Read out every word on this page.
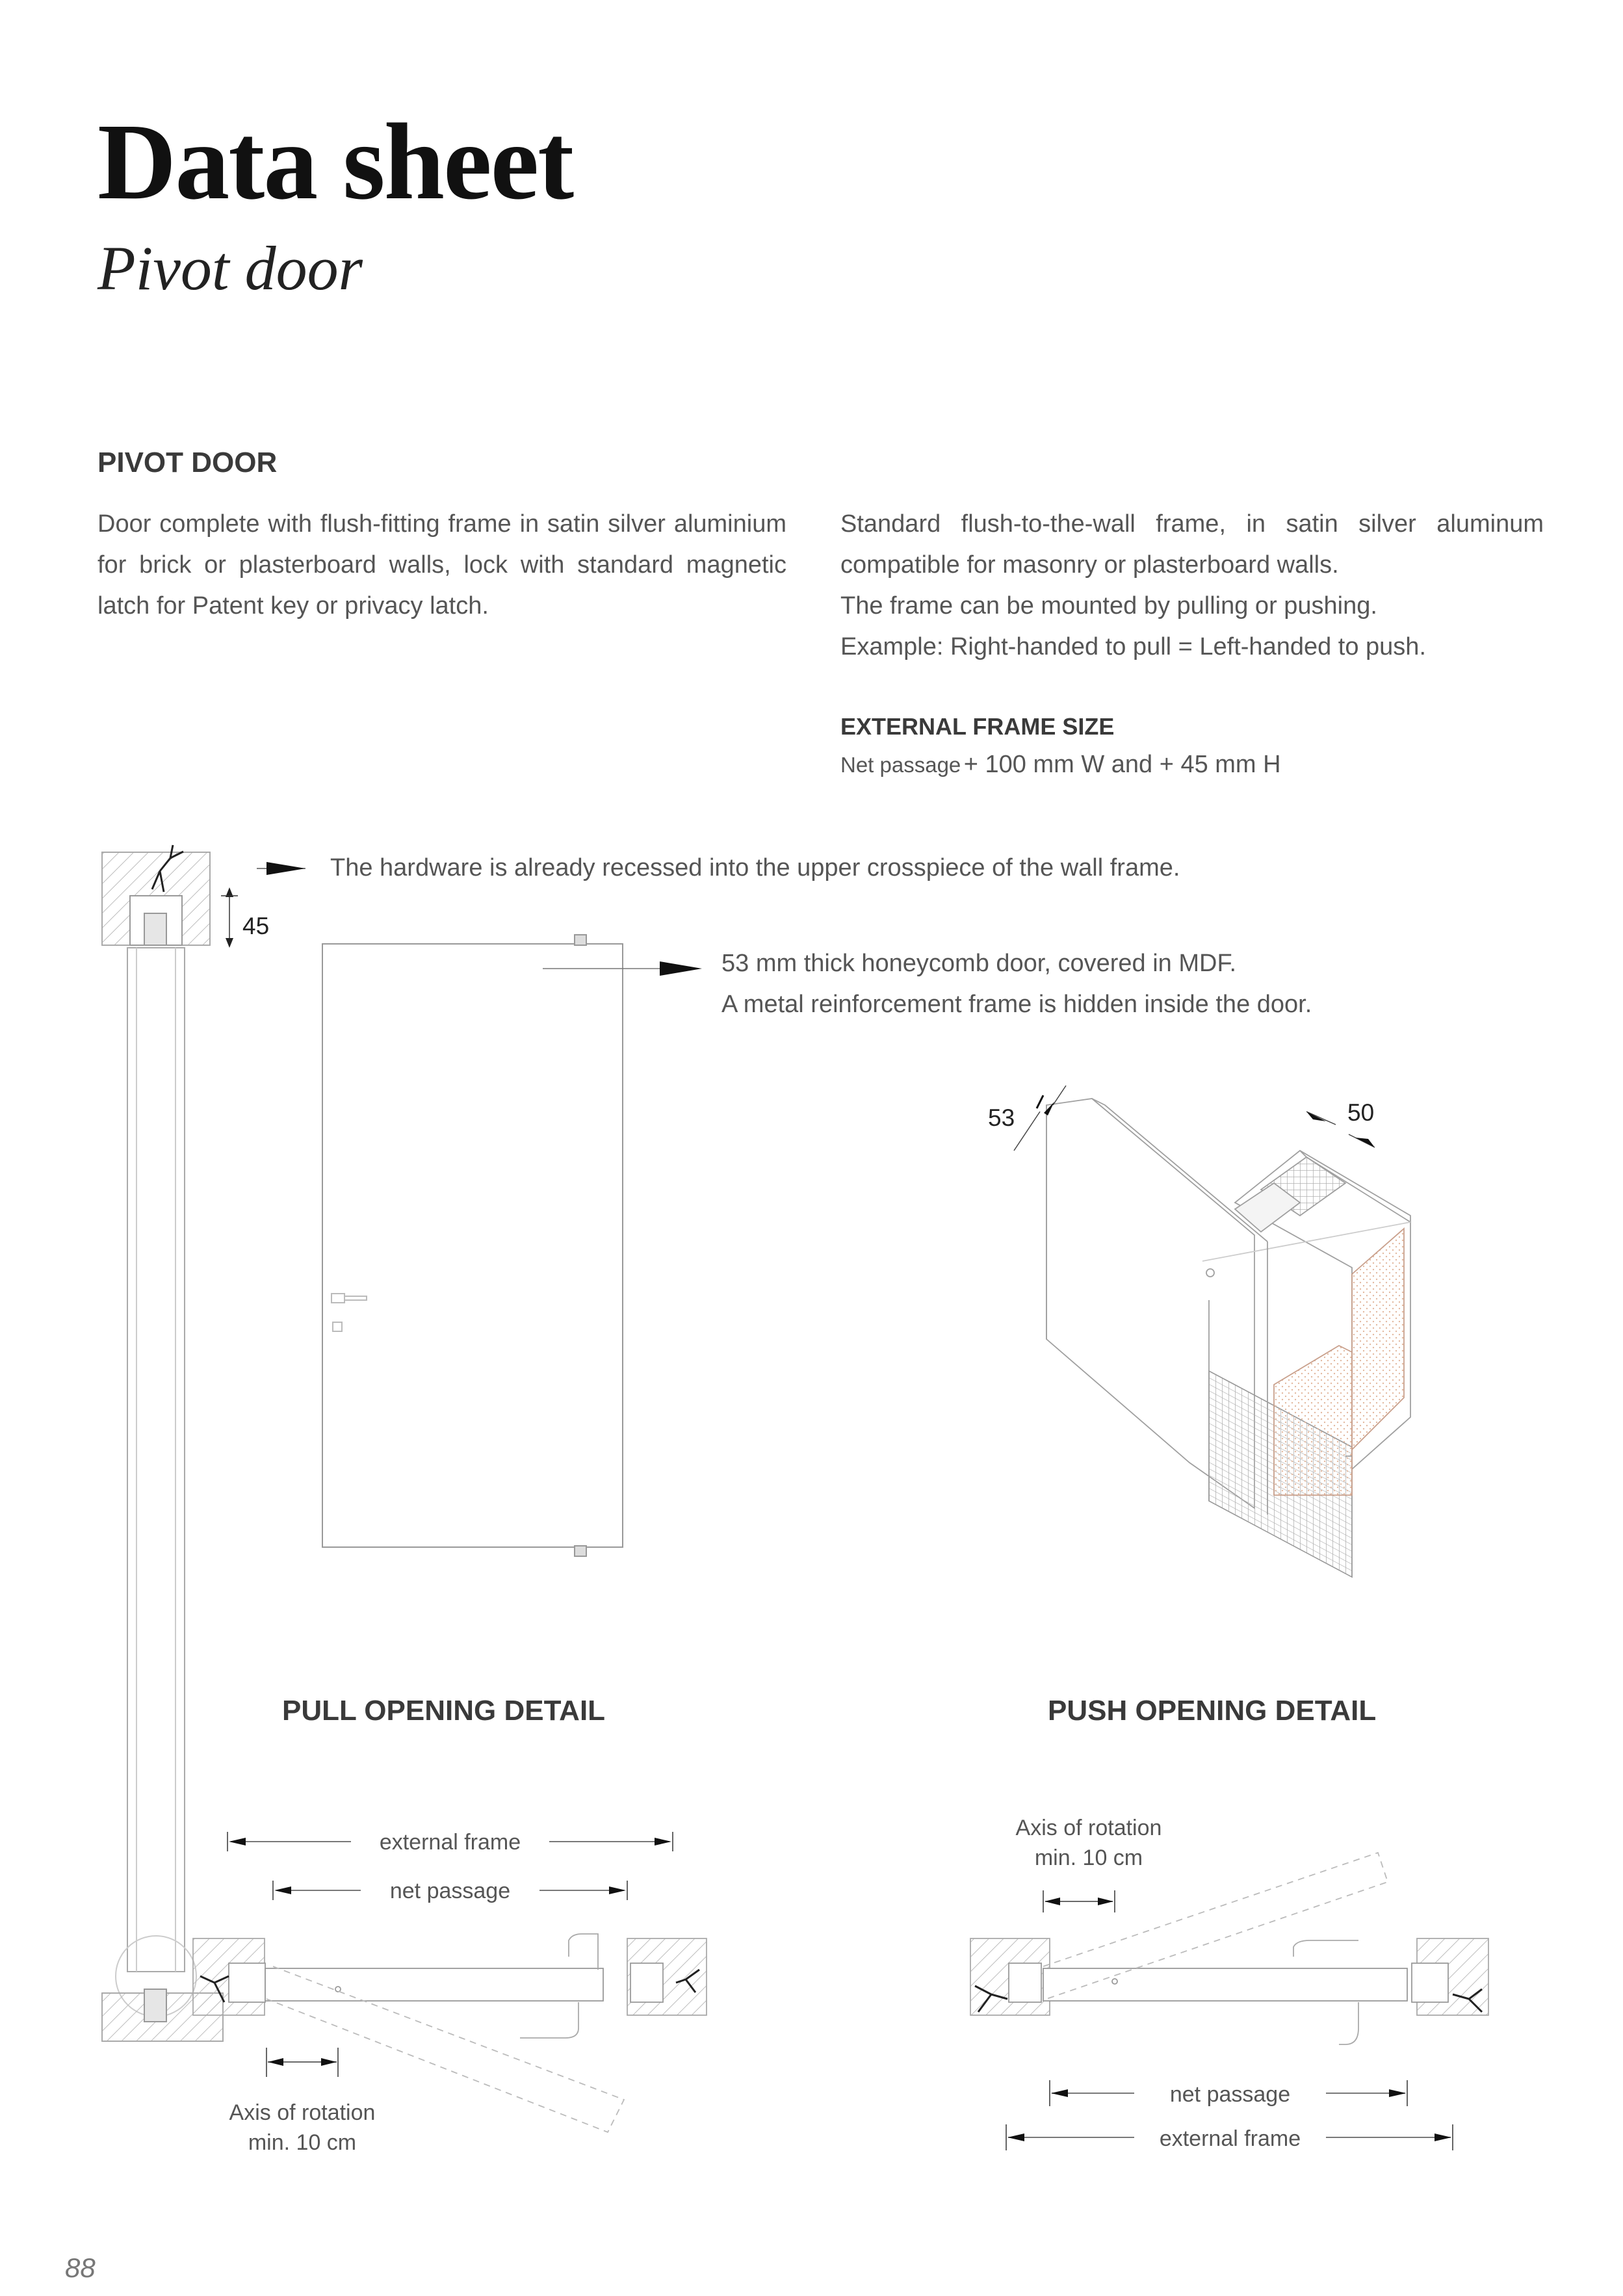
Data sheet
Pivot door
PIVOT DOOR

Door complete with flush-fitting frame in satin silver aluminium for brick or plasterboard walls, lock with standard magnetic latch for Patent key or privacy latch.

Standard flush-to-the-wall frame, in satin silver aluminum compatible for masonry or plasterboard walls.

The frame can be mounted by pulling or pushing.

Example: Right-handed to pull = Left-handed to push.

EXTERNAL FRAME SIZE
Net passage + 100 mm W and + 45 mm H
The hardware is already recessed into the upper crosspiece of the wall frame.
45
53 mm thick honeycomb door, covered in MDF.
A metal reinforcement frame is hidden inside the door.
53	50
PULL OPENING DETAIL
external frame
net passage
Axis of rotation
min. 10 cm
PUSH OPENING DETAIL
Axis of rotation
min. 10 cm
net passage
external frame
88
